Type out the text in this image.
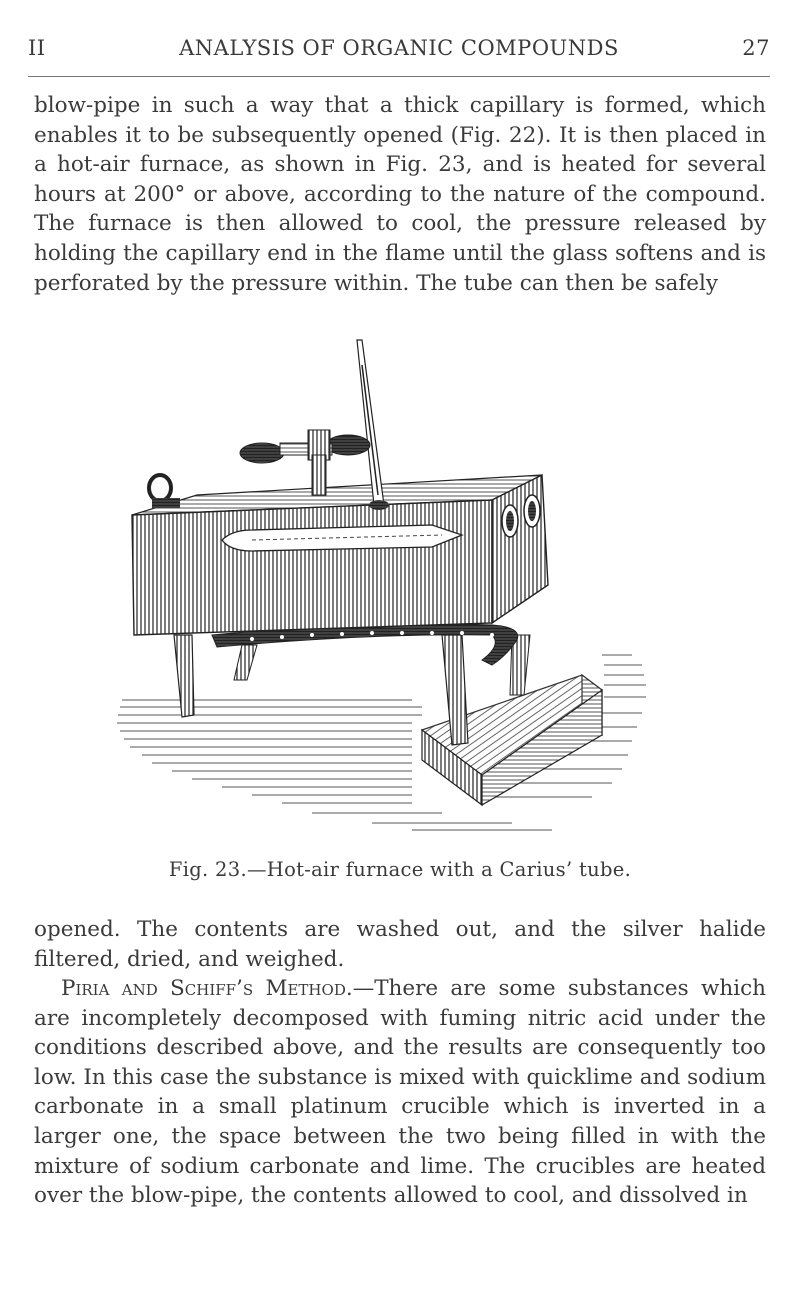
II	ANALYSIS OF ORGANIC COMPOUNDS	27

blow-pipe in such a way that a thick capillary is formed, which enables it to be subsequently opened (Fig. 22). It is then placed in a hot-air furnace, as shown in Fig. 23, and is heated for several hours at 200° or above, according to the nature of the compound. The furnace is then allowed to cool, the pressure released by holding the capillary end in the flame until the glass softens and is perforated by the pressure within. The tube can then be safely

Fig. 23.—Hot-air furnace with a Carius’ tube.

opened. The contents are washed out, and the silver halide filtered, dried, and weighed.

Piria and Schiff’s Method.—There are some substances which are incompletely decomposed with fuming nitric acid under the conditions described above, and the results are consequently too low. In this case the substance is mixed with quicklime and sodium carbonate in a small platinum crucible which is inverted in a larger one, the space between the two being filled in with the mixture of sodium carbonate and lime. The crucibles are heated over the blow-pipe, the contents allowed to cool, and dissolved in
